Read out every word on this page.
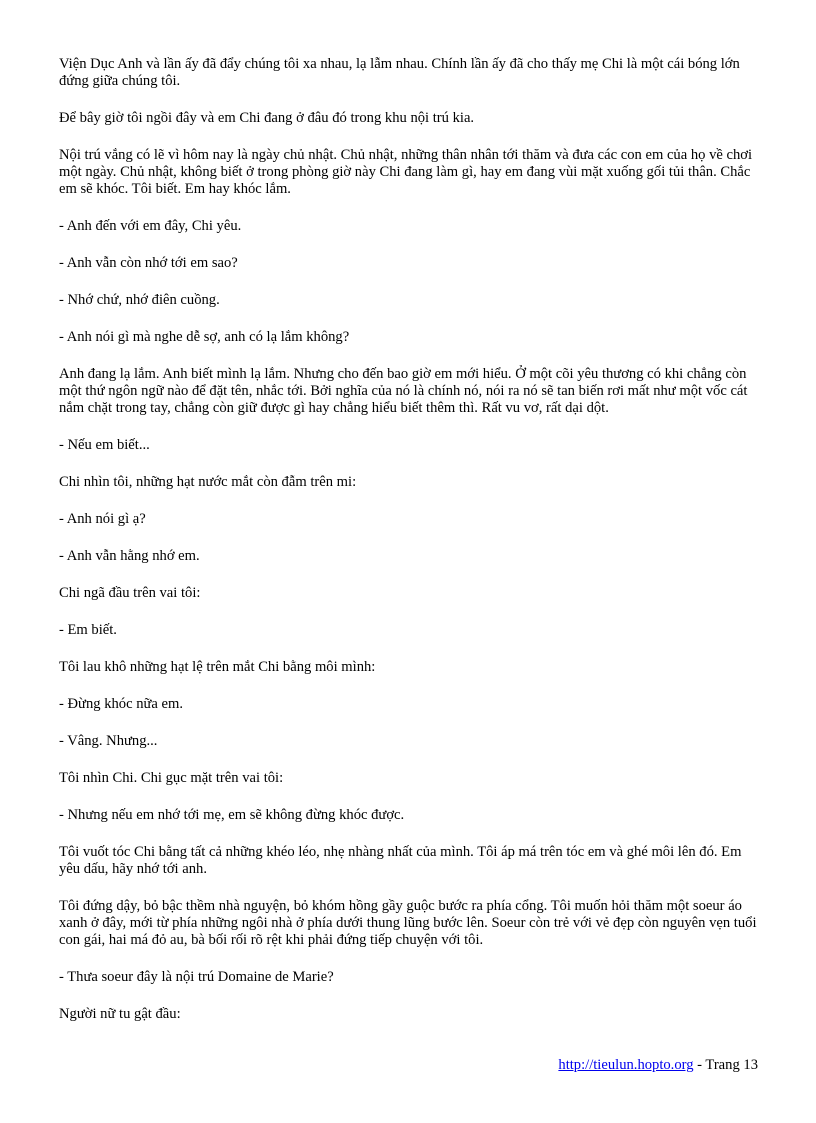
Viện Dục Anh và lần ấy đã đẩy chúng tôi xa nhau, lạ lẫm nhau. Chính lần ấy đã cho thấy mẹ Chi là một cái bóng lớn đứng giữa chúng tôi.

Để bây giờ tôi ngồi đây và em Chi đang ở đâu đó trong khu nội trú kia.

Nội trú vắng có lẽ vì hôm nay là ngày chủ nhật. Chủ nhật, những thân nhân tới thăm và đưa các con em của họ về chơi một ngày. Chủ nhật, không biết ở trong phòng giờ này Chi đang làm gì, hay em đang vùi mặt xuống gối tủi thân. Chắc em sẽ khóc. Tôi biết. Em hay khóc lắm.

- Anh đến với em đây, Chi yêu.

- Anh vẫn còn nhớ tới em sao?

- Nhớ chứ, nhớ điên cuồng.

- Anh nói gì mà nghe dễ sợ, anh có lạ lắm không?

Anh đang lạ lắm. Anh biết mình lạ lắm. Nhưng cho đến bao giờ em mới hiểu. Ở một cõi yêu thương có khi chẳng còn một thứ ngôn ngữ nào để đặt tên, nhắc tới. Bởi nghĩa của nó là chính nó, nói ra nó sẽ tan biến rơi mất như một vốc cát nắm chặt trong tay, chẳng còn giữ được gì hay chẳng hiểu biết thêm thì. Rất vu vơ, rất dại dột.

- Nếu em biết...

Chi nhìn tôi, những hạt nước mắt còn đẫm trên mi:

- Anh nói gì ạ?

- Anh vẫn hằng nhớ em.

Chi ngã đầu trên vai tôi:

- Em biết.

Tôi lau khô những hạt lệ trên mắt Chi bằng môi mình:

- Đừng khóc nữa em.

- Vâng. Nhưng...

Tôi nhìn Chi. Chi gục mặt trên vai tôi:

- Nhưng nếu em nhớ tới mẹ, em sẽ không đừng khóc được.

Tôi vuốt tóc Chi bằng tất cả những khéo léo, nhẹ nhàng nhất của mình. Tôi áp má trên tóc em và ghé môi lên đó. Em yêu dấu, hãy nhớ tới anh.

Tôi đứng dậy, bỏ bậc thềm nhà nguyện, bỏ khóm hồng gầy guộc bước ra phía cổng. Tôi muốn hỏi thăm một soeur áo xanh ở đây, mới từ phía những ngôi nhà ở phía dưới thung lũng bước lên. Soeur còn trẻ với vẻ đẹp còn nguyên vẹn tuổi con gái, hai má đỏ au, bà bối rối rõ rệt khi phải đứng tiếp chuyện với tôi.

- Thưa soeur đây là nội trú Domaine de Marie?

Người nữ tu gật đầu:

http://tieulun.hopto.org - Trang 13
